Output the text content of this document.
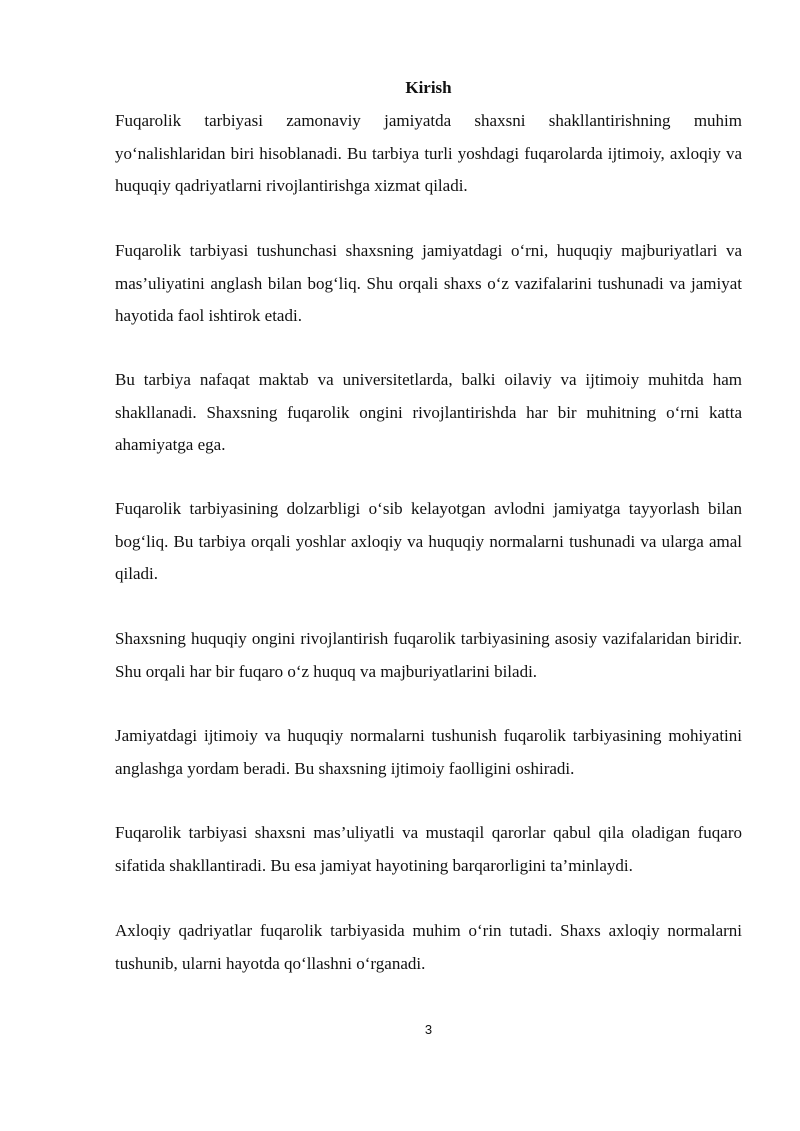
Kirish

Fuqarolik tarbiyasi zamonaviy jamiyatda shaxsni shakllantirishning muhim yo‘nalishlaridan biri hisoblanadi. Bu tarbiya turli yoshdagi fuqarolarda ijtimoiy, axloqiy va huquqiy qadriyatlarni rivojlantirishga xizmat qiladi.

Fuqarolik tarbiyasi tushunchasi shaxsning jamiyatdagi o‘rni, huquqiy majburiyatlari va mas’uliyatini anglash bilan bog‘liq. Shu orqali shaxs o‘z vazifalarini tushunadi va jamiyat hayotida faol ishtirok etadi.

Bu tarbiya nafaqat maktab va universitetlarda, balki oilaviy va ijtimoiy muhitda ham shakllanadi. Shaxsning fuqarolik ongini rivojlantirishda har bir muhitning o‘rni katta ahamiyatga ega.

Fuqarolik tarbiyasining dolzarbligi o‘sib kelayotgan avlodni jamiyatga tayyorlash bilan bog‘liq. Bu tarbiya orqali yoshlar axloqiy va huquqiy normalarni tushunadi va ularga amal qiladi.

Shaxsning huquqiy ongini rivojlantirish fuqarolik tarbiyasining asosiy vazifalaridan biridir. Shu orqali har bir fuqaro o‘z huquq va majburiyatlarini biladi.

Jamiyatdagi ijtimoiy va huquqiy normalarni tushunish fuqarolik tarbiyasining mohiyatini anglashga yordam beradi. Bu shaxsning ijtimoiy faolligini oshiradi.

Fuqarolik tarbiyasi shaxsni mas’uliyatli va mustaqil qarorlar qabul qila oladigan fuqaro sifatida shakllantiradi. Bu esa jamiyat hayotining barqarorligini ta’minlaydi.

Axloqiy qadriyatlar fuqarolik tarbiyasida muhim o‘rin tutadi. Shaxs axloqiy normalarni tushunib, ularni hayotda qo‘llashni o‘rganadi.

3
